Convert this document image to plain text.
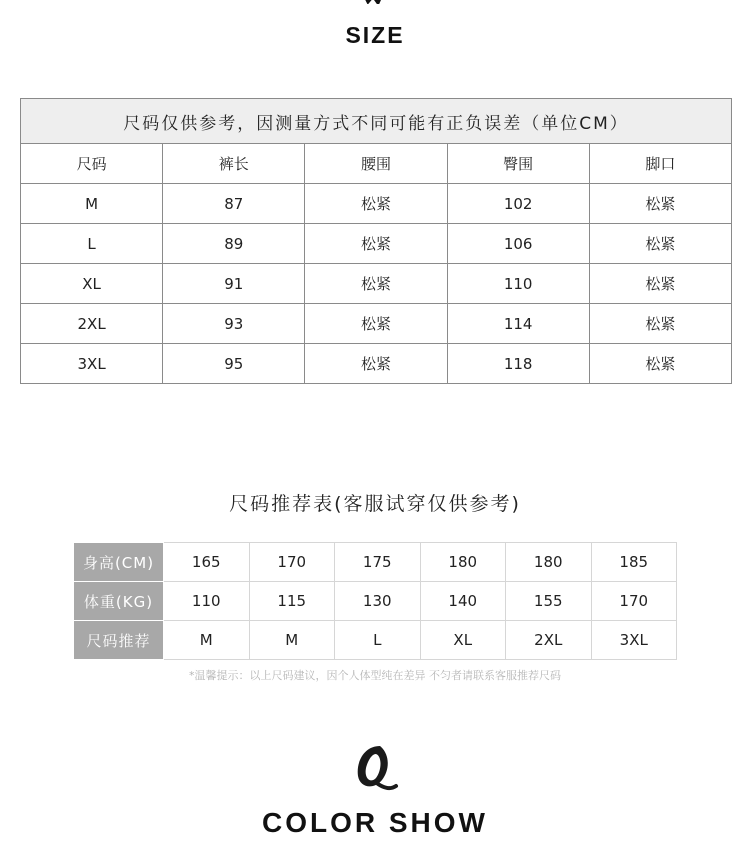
SIZE
尺码仅供参考，因测量方式不同可能有正负误差（单位CM）				
尺码	裤长	腰围	臀围	脚口
M	87	松紧	102	松紧
L	89	松紧	106	松紧
XL	91	松紧	110	松紧
2XL	93	松紧	114	松紧
3XL	95	松紧	118	松紧
尺码推荐表(客服试穿仅供参考)
身高(CM)	165	170	175	180	180	185
体重(KG)	110	115	130	140	155	170
尺码推荐	M	M	L	XL	2XL	3XL
*温馨提示：以上尺码建议，因个人体型纯在差异 不匀者请联系客服推荐尺码
COLOR SHOW
